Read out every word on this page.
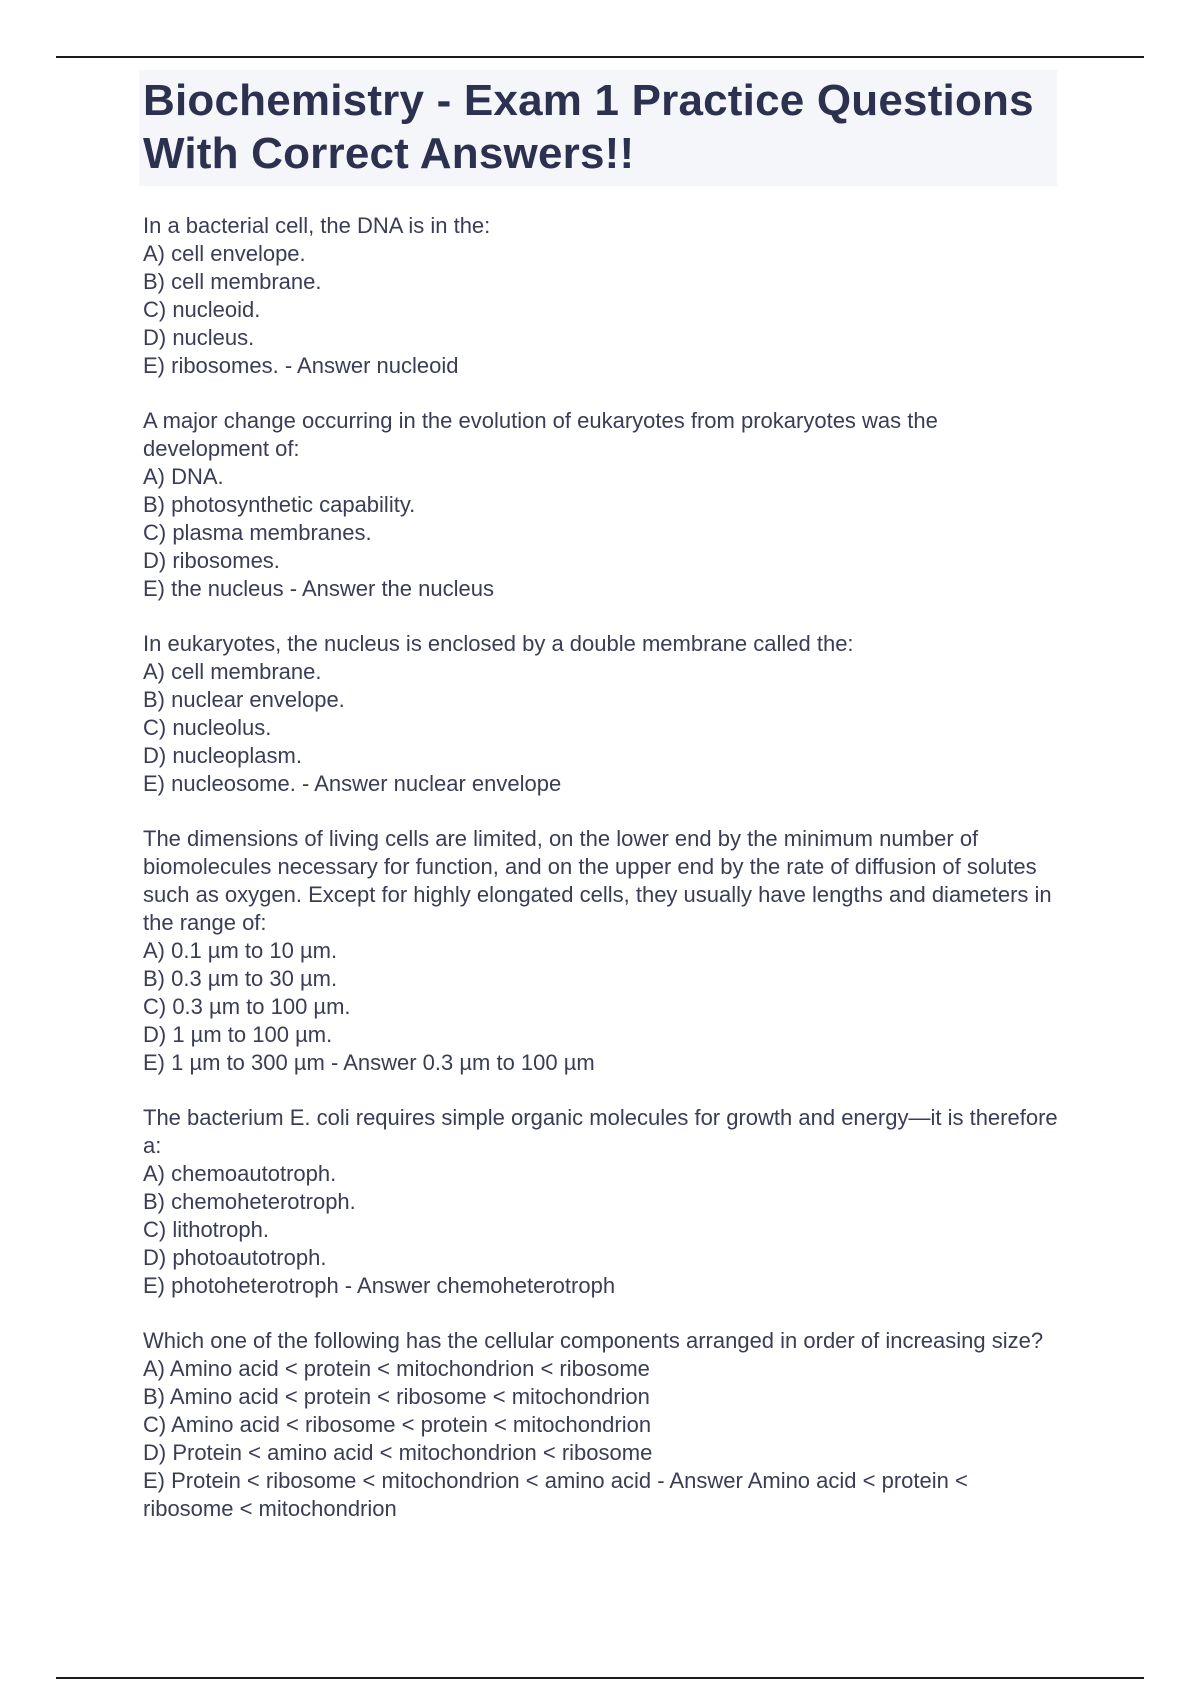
Biochemistry - Exam 1 Practice Questions With Correct Answers!!
In a bacterial cell, the DNA is in the:
A) cell envelope.
B) cell membrane.
C) nucleoid.
D) nucleus.
E) ribosomes. - Answer nucleoid
A major change occurring in the evolution of eukaryotes from prokaryotes was the development of:
A) DNA.
B) photosynthetic capability.
C) plasma membranes.
D) ribosomes.
E) the nucleus - Answer the nucleus
In eukaryotes, the nucleus is enclosed by a double membrane called the:
A) cell membrane.
B) nuclear envelope.
C) nucleolus.
D) nucleoplasm.
E) nucleosome. - Answer nuclear envelope
The dimensions of living cells are limited, on the lower end by the minimum number of biomolecules necessary for function, and on the upper end by the rate of diffusion of solutes such as oxygen. Except for highly elongated cells, they usually have lengths and diameters in the range of:
A) 0.1 µm to 10 µm.
B) 0.3 µm to 30 µm.
C) 0.3 µm to 100 µm.
D) 1 µm to 100 µm.
E) 1 µm to 300 µm - Answer 0.3 µm to 100 µm
The bacterium E. coli requires simple organic molecules for growth and energy—it is therefore a:
A) chemoautotroph.
B) chemoheterotroph.
C) lithotroph.
D) photoautotroph.
E) photoheterotroph - Answer chemoheterotroph
Which one of the following has the cellular components arranged in order of increasing size?
A) Amino acid < protein < mitochondrion < ribosome
B) Amino acid < protein < ribosome < mitochondrion
C) Amino acid < ribosome < protein < mitochondrion
D) Protein < amino acid < mitochondrion < ribosome
E) Protein < ribosome < mitochondrion < amino acid - Answer Amino acid < protein < ribosome < mitochondrion
